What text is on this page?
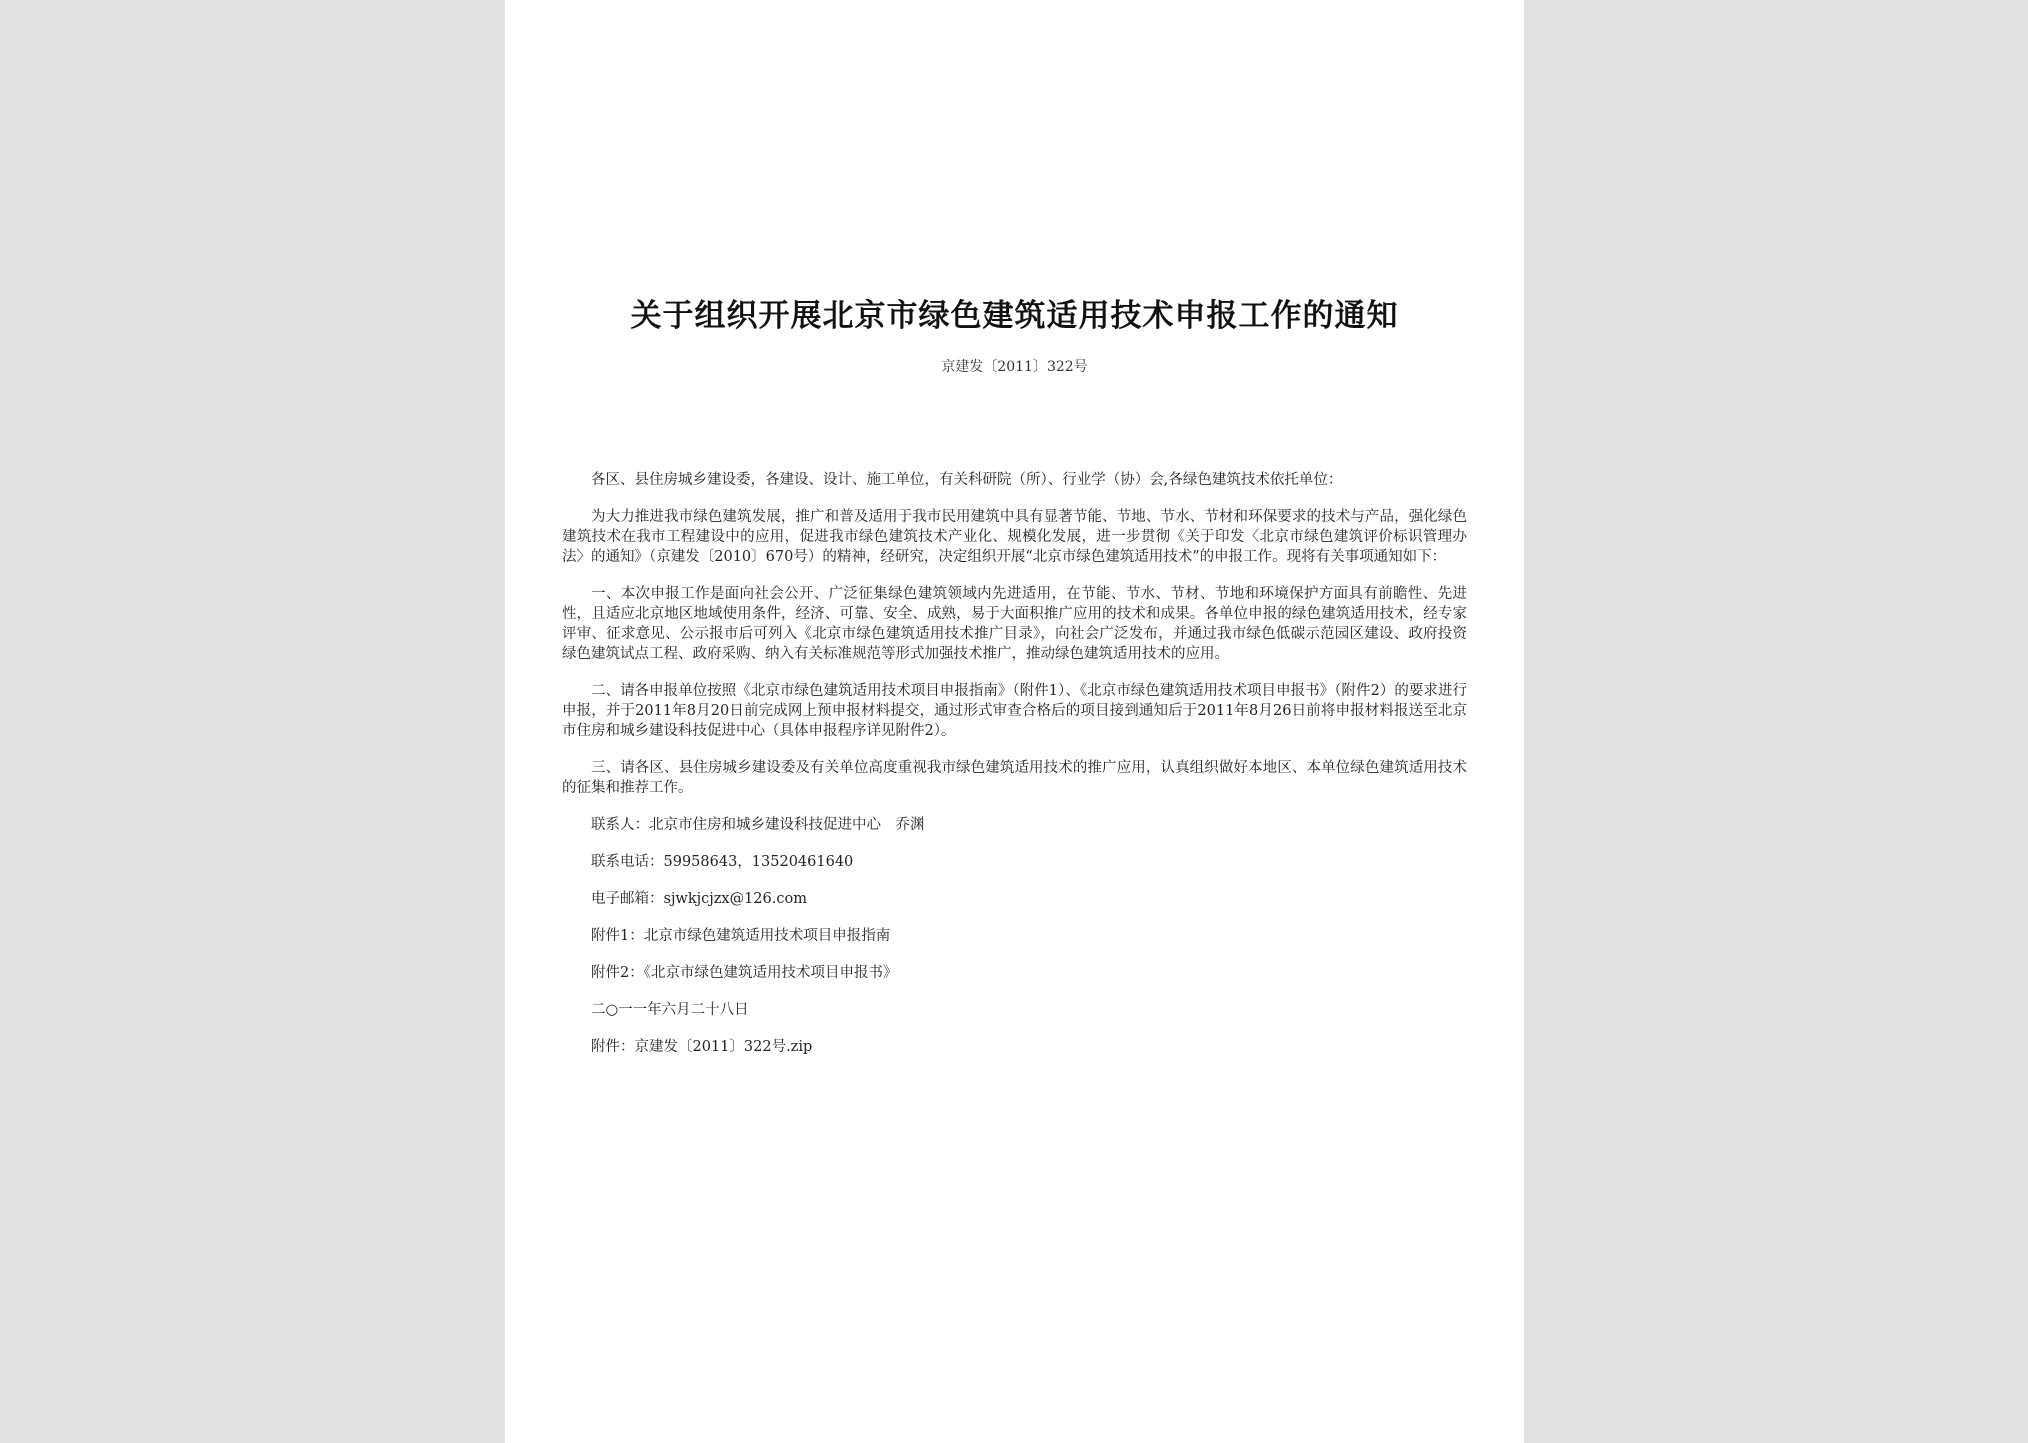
关于组织开展北京市绿色建筑适用技术申报工作的通知
京建发〔2011〕322号

各区、县住房城乡建设委，各建设、设计、施工单位，有关科研院（所）、行业学（协）会,各绿色建筑技术依托单位：

为大力推进我市绿色建筑发展，推广和普及适用于我市民用建筑中具有显著节能、节地、节水、节材和环保要求的技术与产品，强化绿色建筑技术在我市工程建设中的应用，促进我市绿色建筑技术产业化、规模化发展，进一步贯彻《关于印发〈北京市绿色建筑评价标识管理办法〉的通知》（京建发〔2010〕670号）的精神，经研究，决定组织开展“北京市绿色建筑适用技术”的申报工作。现将有关事项通知如下：

一、本次申报工作是面向社会公开、广泛征集绿色建筑领域内先进适用，在节能、节水、节材、节地和环境保护方面具有前瞻性、先进性，且适应北京地区地域使用条件，经济、可靠、安全、成熟，易于大面积推广应用的技术和成果。各单位申报的绿色建筑适用技术，经专家评审、征求意见、公示报市后可列入《北京市绿色建筑适用技术推广目录》，向社会广泛发布，并通过我市绿色低碳示范园区建设、政府投资绿色建筑试点工程、政府采购、纳入有关标准规范等形式加强技术推广，推动绿色建筑适用技术的应用。

二、请各申报单位按照《北京市绿色建筑适用技术项目申报指南》（附件1）、《北京市绿色建筑适用技术项目申报书》（附件2）的要求进行申报，并于2011年8月20日前完成网上预申报材料提交，通过形式审查合格后的项目接到通知后于2011年8月26日前将申报材料报送至北京市住房和城乡建设科技促进中心（具体申报程序详见附件2）。

三、请各区、县住房城乡建设委及有关单位高度重视我市绿色建筑适用技术的推广应用，认真组织做好本地区、本单位绿色建筑适用技术的征集和推荐工作。

联系人：北京市住房和城乡建设科技促进中心　乔渊

联系电话：59958643，13520461640

电子邮箱：sjwkjcjzx@126.com

附件1：北京市绿色建筑适用技术项目申报指南

附件2：《北京市绿色建筑适用技术项目申报书》

二○一一年六月二十八日

附件：京建发〔2011〕322号.zip
